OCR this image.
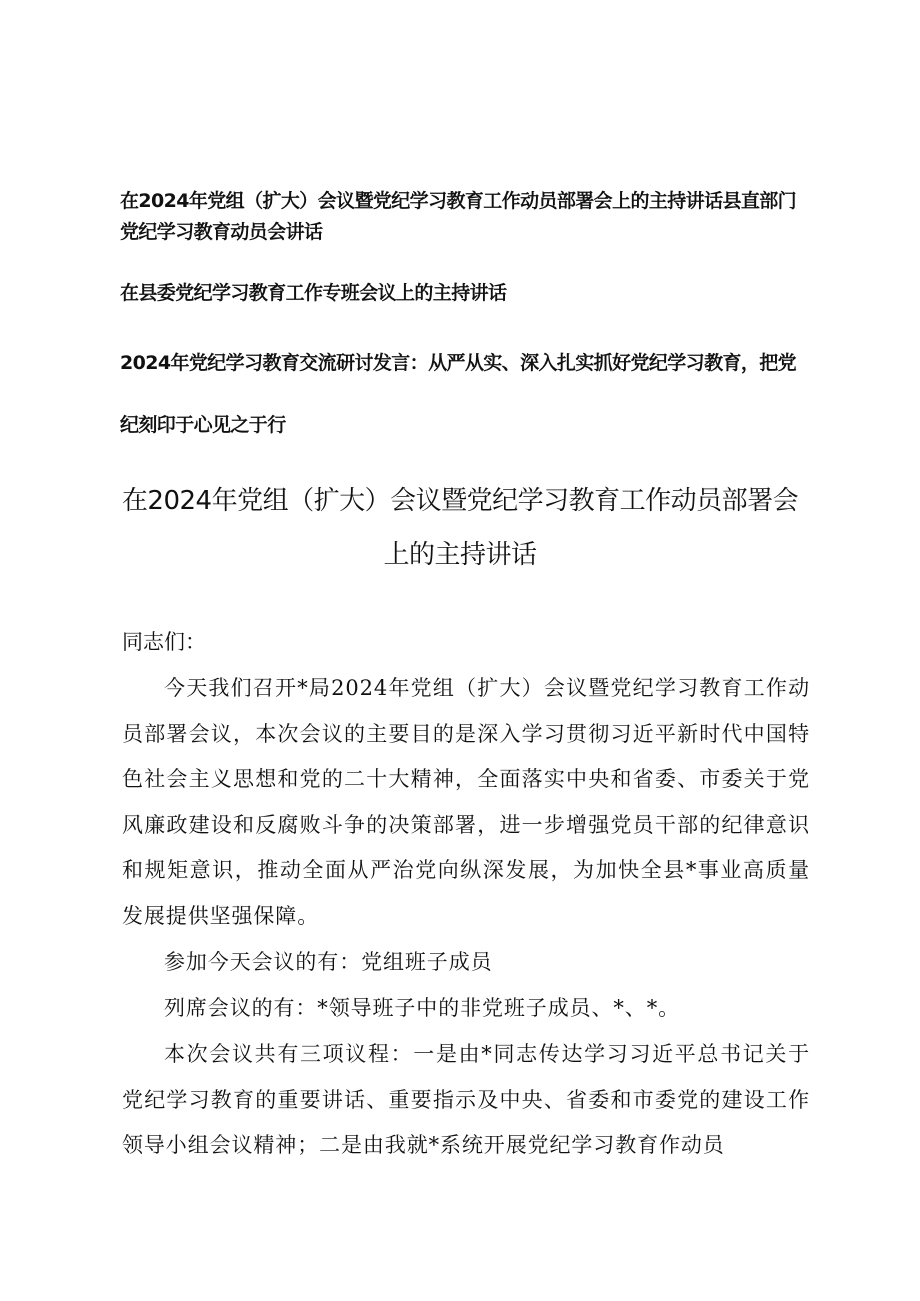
在2024年党组（扩大）会议暨党纪学习教育工作动员部署会上的主持讲话县直部门党纪学习教育动员会讲话
在县委党纪学习教育工作专班会议上的主持讲话
2024年党纪学习教育交流研讨发言：从严从实、深入扎实抓好党纪学习教育，把党纪刻印于心见之于行
在2024年党组（扩大）会议暨党纪学习教育工作动员部署会上的主持讲话
同志们：
今天我们召开*局2024年党组（扩大）会议暨党纪学习教育工作动员部署会议，本次会议的主要目的是深入学习贯彻习近平新时代中国特色社会主义思想和党的二十大精神，全面落实中央和省委、市委关于党风廉政建设和反腐败斗争的决策部署，进一步增强党员干部的纪律意识和规矩意识，推动全面从严治党向纵深发展，为加快全县*事业高质量发展提供坚强保障。
参加今天会议的有：党组班子成员
列席会议的有：*领导班子中的非党班子成员、*、*。
本次会议共有三项议程：一是由*同志传达学习习近平总书记关于党纪学习教育的重要讲话、重要指示及中央、省委和市委党的建设工作领导小组会议精神；二是由我就*系统开展党纪学习教育作动员
